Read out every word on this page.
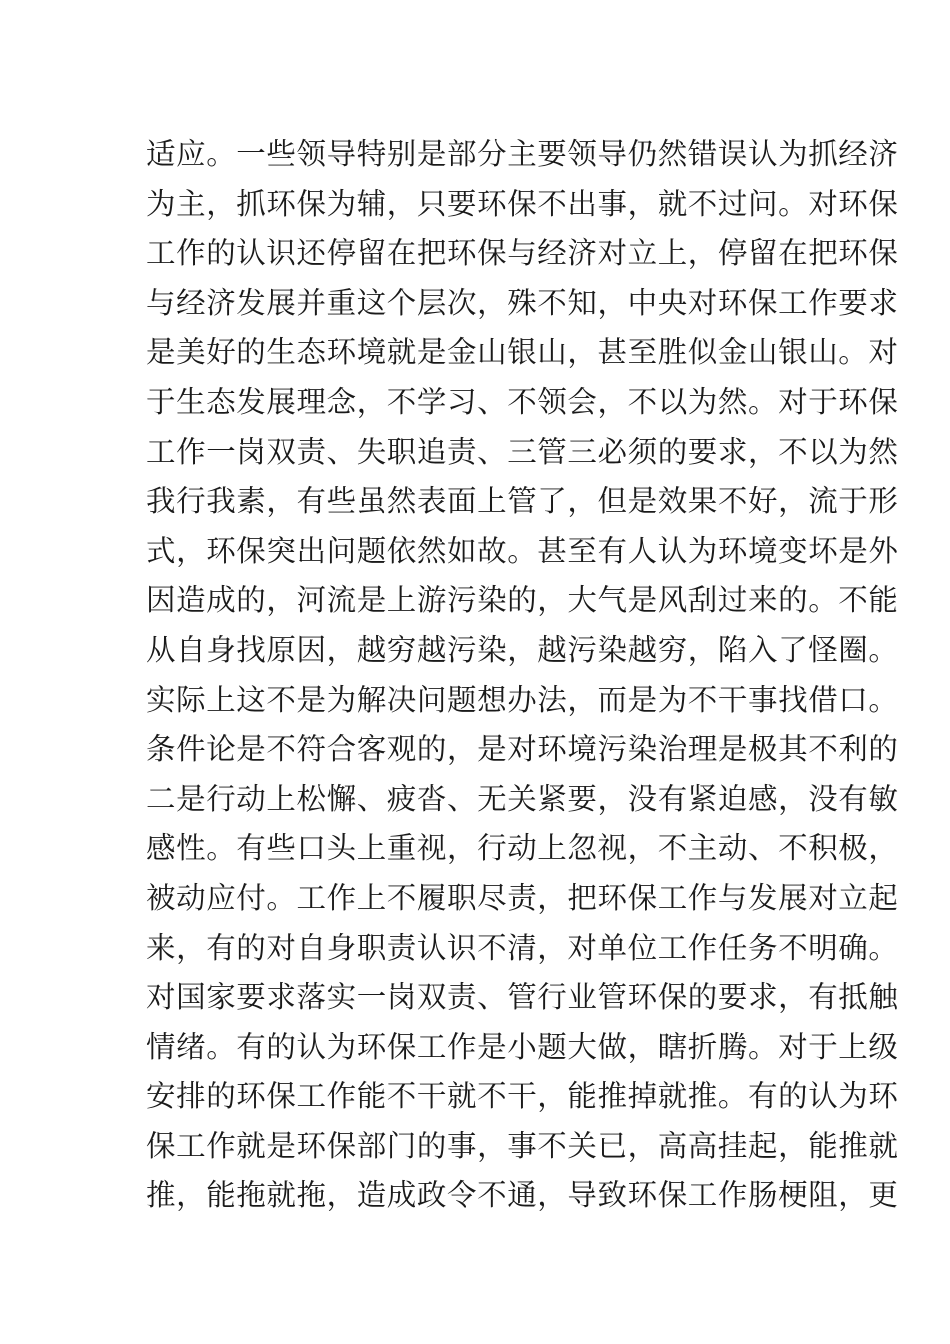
适应。一些领导特别是部分主要领导仍然错误认为抓经济
为主，抓环保为辅，只要环保不出事，就不过问。对环保
工作的认识还停留在把环保与经济对立上，停留在把环保
与经济发展并重这个层次，殊不知，中央对环保工作要求
是美好的生态环境就是金山银山，甚至胜似金山银山。对
于生态发展理念，不学习、不领会，不以为然。对于环保
工作一岗双责、失职追责、三管三必须的要求，不以为然
我行我素，有些虽然表面上管了，但是效果不好，流于形
式，环保突出问题依然如故。甚至有人认为环境变坏是外
因造成的，河流是上游污染的，大气是风刮过来的。不能
从自身找原因，越穷越污染，越污染越穷，陷入了怪圈。
实际上这不是为解决问题想办法，而是为不干事找借口。
条件论是不符合客观的，是对环境污染治理是极其不利的
二是行动上松懈、疲沓、无关紧要，没有紧迫感，没有敏
感性。有些口头上重视，行动上忽视，不主动、不积极，
被动应付。工作上不履职尽责，把环保工作与发展对立起
来，有的对自身职责认识不清，对单位工作任务不明确。
对国家要求落实一岗双责、管行业管环保的要求，有抵触
情绪。有的认为环保工作是小题大做，瞎折腾。对于上级
安排的环保工作能不干就不干，能推掉就推。有的认为环
保工作就是环保部门的事，事不关已，高高挂起，能推就
推，能拖就拖，造成政令不通，导致环保工作肠梗阻，更
